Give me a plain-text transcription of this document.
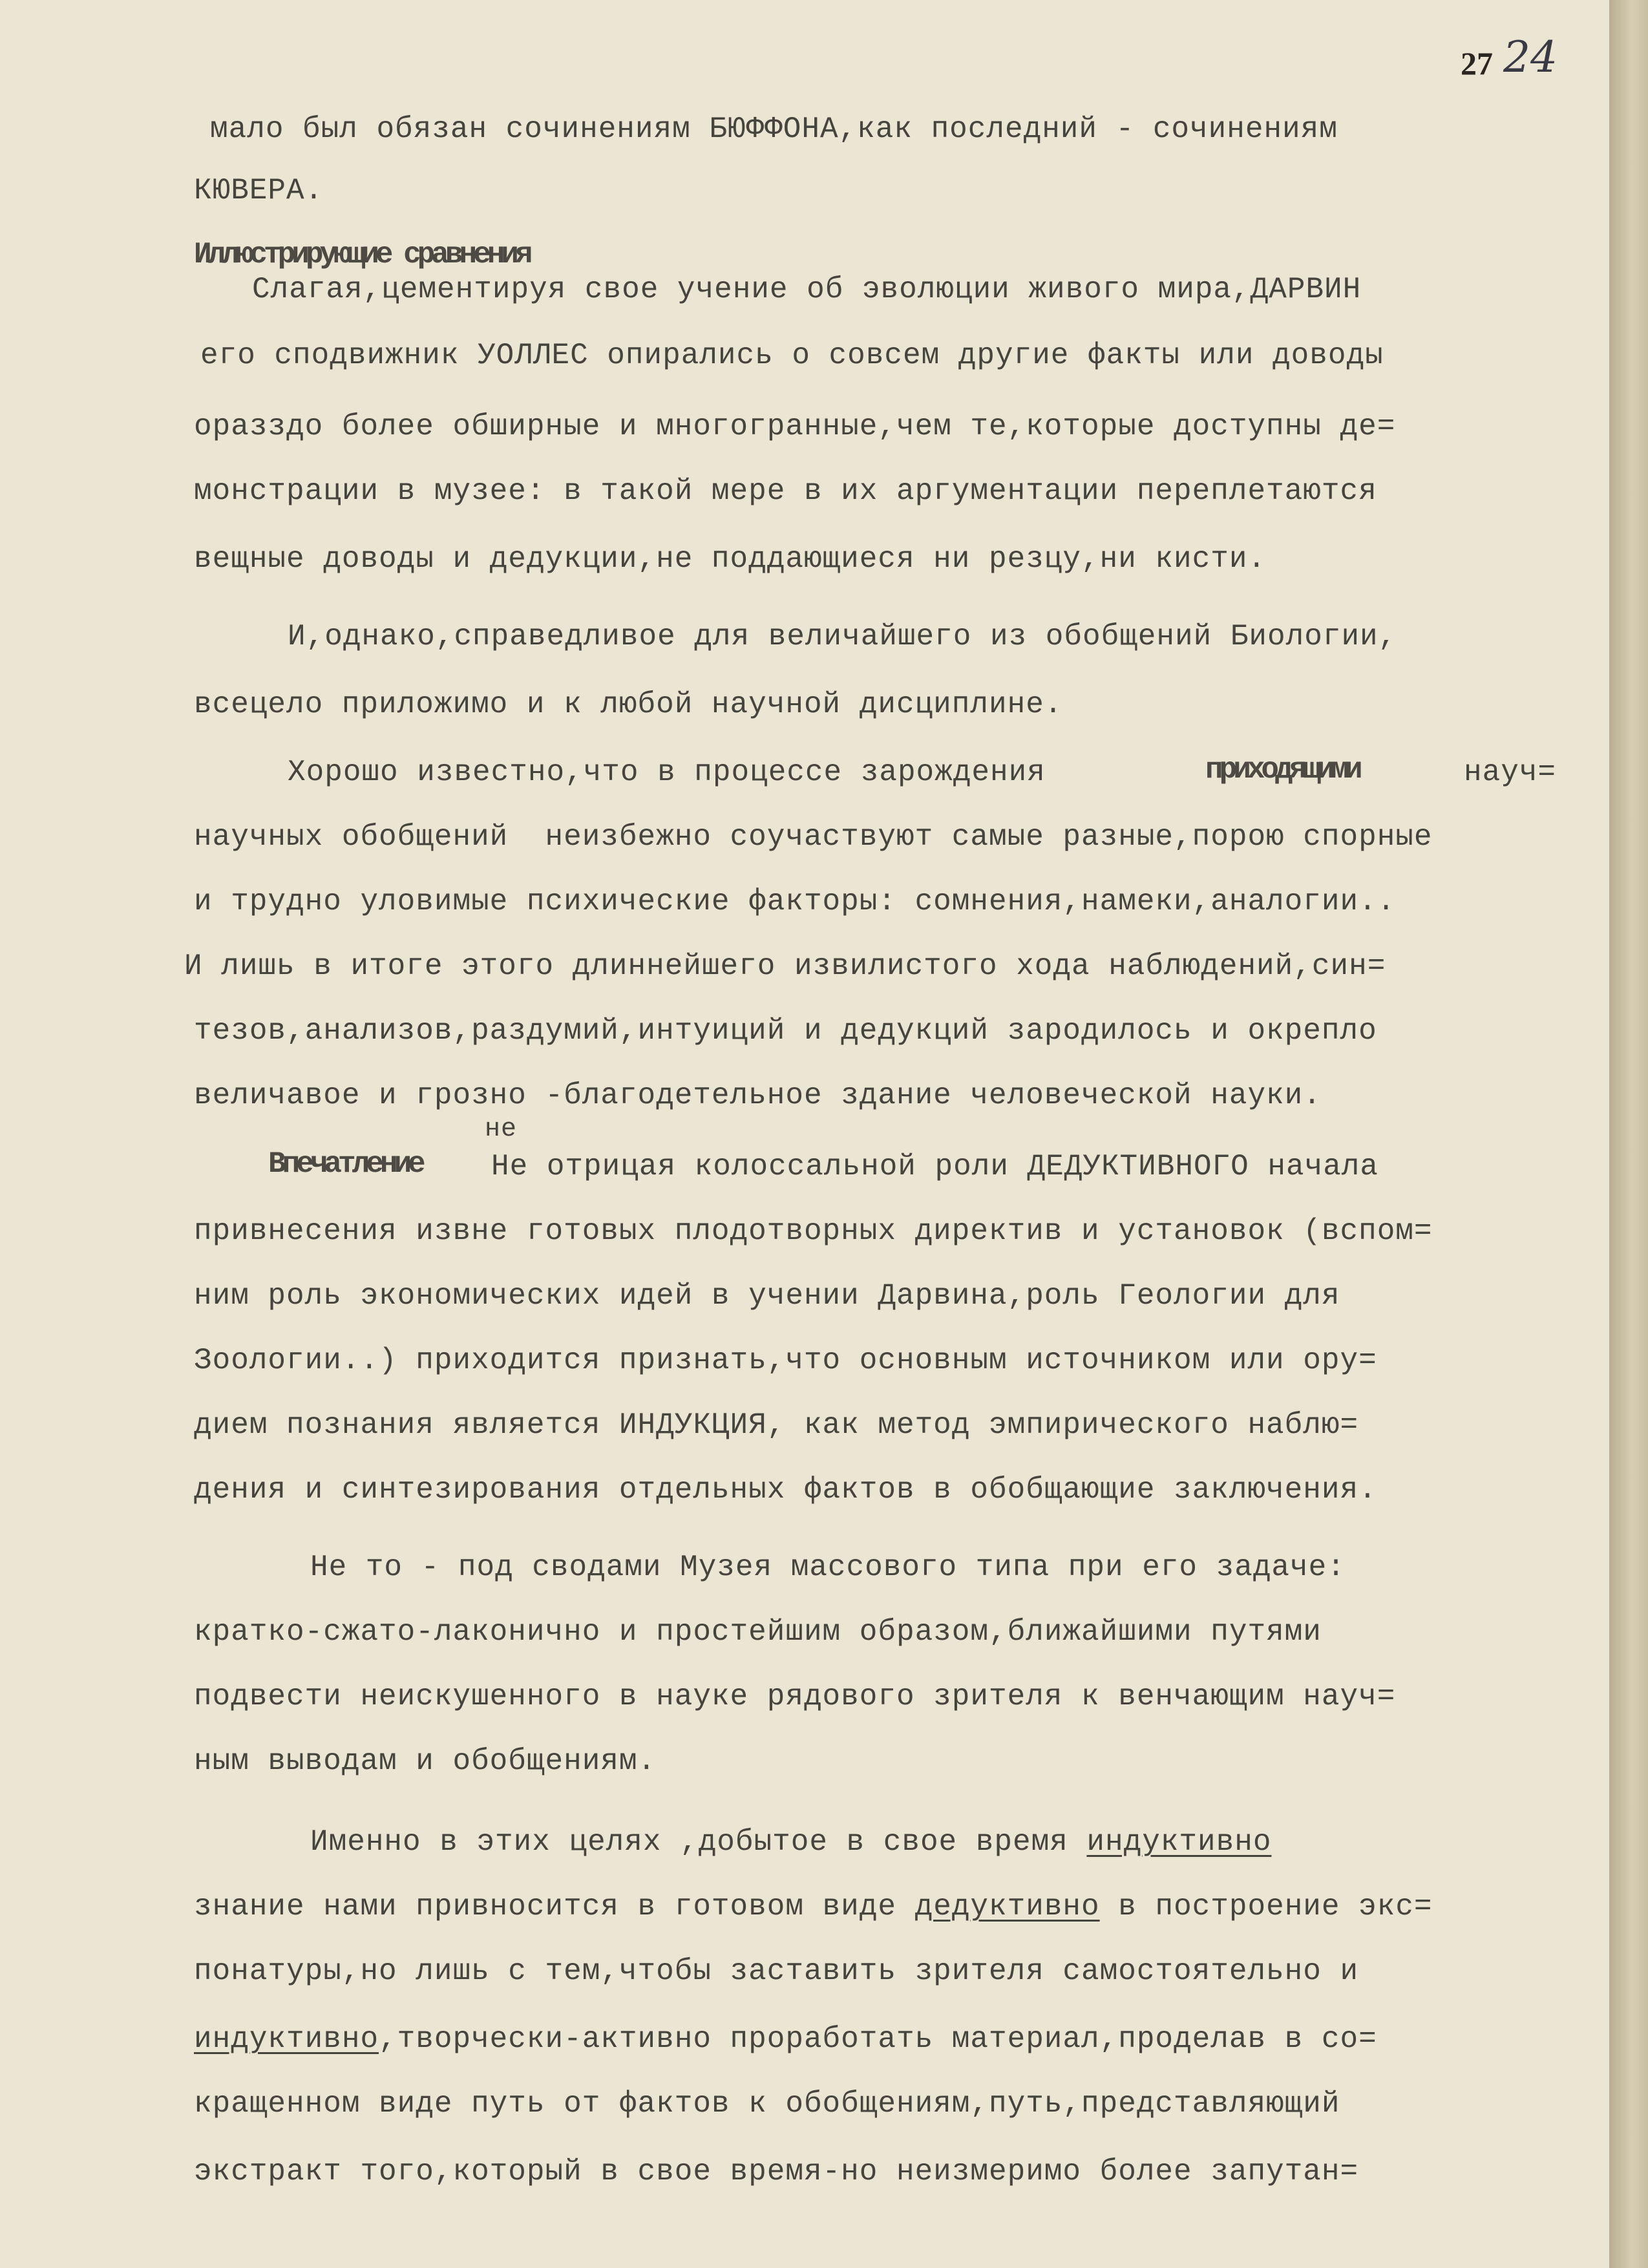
27 24
мало был обязан сочинениям БЮФФОНА,как последний - сочинениям
КЮВЕРА.
Иллюстрирующие сравнения
Слагая,цементируя свое учение об эволюции живого мира,ДАРВИН
его сподвижник УОЛЛЕС опирались о совсем другие факты или доводы
оразздо более обширные и многогранные,чем те,которые доступны де=
монстрации в музее: в такой мере в их аргументации переплетаются
вещные доводы и дедукции,не поддающиеся ни резцу,ни кисти.
И,однако,справедливое для величайшего из обобщений Биологии,
всецело приложимо и к любой научной дисциплине.
Хорошо известно,что в процессе зарождения	приходящими	науч=
научных обобщений  неизбежно соучаствуют самые разные,порою спорные
и трудно уловимые психические факторы: сомнения,намеки,аналогии..
И лишь в итоге этого длиннейшего извилистого хода наблюдений,син=
тезов,анализов,раздумий,интуиций и дедукций зародилось и окрепло
величавое и грозно -благодетельное здание человеческой науки.
не
Впечатление Не отрицая колоссальной роли ДЕДУКТИВНОГО начала
привнесения извне готовых плодотворных директив и установок (вспом=
ним роль экономических идей в учении Дарвина,роль Геологии для
Зоологии..) приходится признать,что основным источником или ору=
дием познания является ИНДУКЦИЯ, как метод эмпирического наблю=
дения и синтезирования отдельных фактов в обобщающие заключения.
Не то - под сводами Музея массового типа при его задаче:
кратко-сжато-лаконично и простейшим образом,ближайшими путями
подвести неискушенного в науке рядового зрителя к венчающим науч=
ным выводам и обобщениям.
Именно в этих целях ,добытое в свое время индуктивно
знание нами привносится в готовом виде дедуктивно в построение экс=
понатуры,но лишь с тем,чтобы заставить зрителя самостоятельно и
индуктивно,творчески-активно проработать материал,проделав в со=
кращенном виде путь от фактов к обобщениям,путь,представляющий
экстракт того,который в свое время-но неизмеримо более запутан=
